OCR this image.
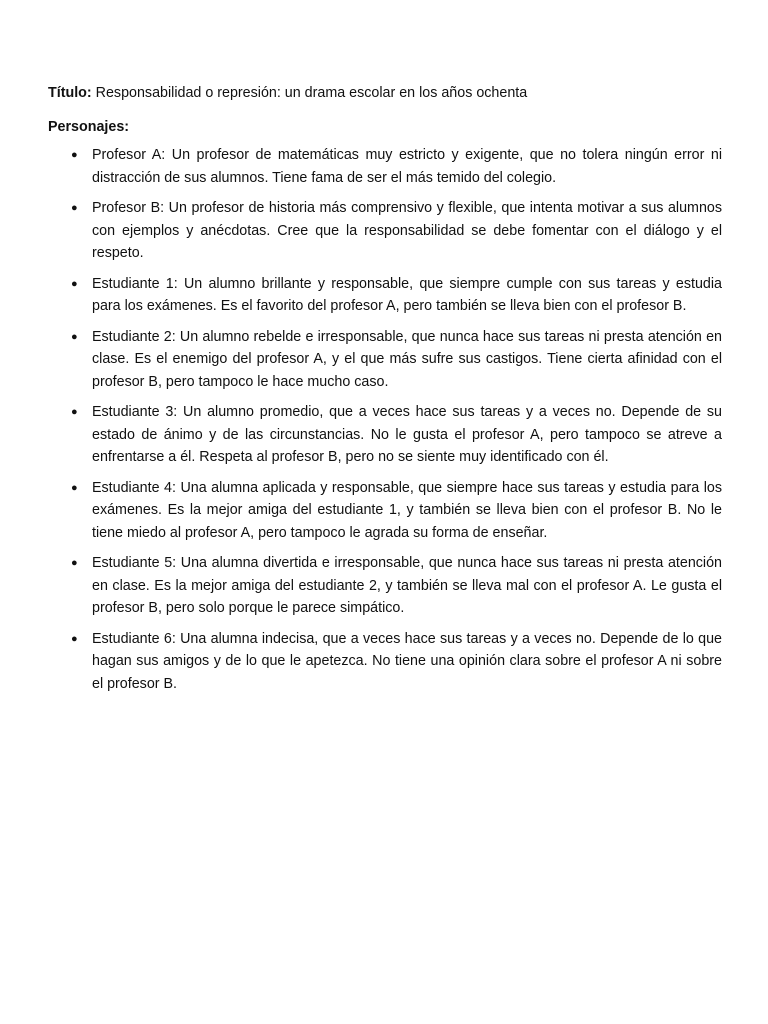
Título: Responsabilidad o represión: un drama escolar en los años ochenta

Personajes:

● Profesor A: Un profesor de matemáticas muy estricto y exigente, que no tolera ningún error ni distracción de sus alumnos. Tiene fama de ser el más temido del colegio.
● Profesor B: Un profesor de historia más comprensivo y flexible, que intenta motivar a sus alumnos con ejemplos y anécdotas. Cree que la responsabilidad se debe fomentar con el diálogo y el respeto.
● Estudiante 1: Un alumno brillante y responsable, que siempre cumple con sus tareas y estudia para los exámenes. Es el favorito del profesor A, pero también se lleva bien con el profesor B.
● Estudiante 2: Un alumno rebelde e irresponsable, que nunca hace sus tareas ni presta atención en clase. Es el enemigo del profesor A, y el que más sufre sus castigos. Tiene cierta afinidad con el profesor B, pero tampoco le hace mucho caso.
● Estudiante 3: Un alumno promedio, que a veces hace sus tareas y a veces no. Depende de su estado de ánimo y de las circunstancias. No le gusta el profesor A, pero tampoco se atreve a enfrentarse a él. Respeta al profesor B, pero no se siente muy identificado con él.
● Estudiante 4: Una alumna aplicada y responsable, que siempre hace sus tareas y estudia para los exámenes. Es la mejor amiga del estudiante 1, y también se lleva bien con el profesor B. No le tiene miedo al profesor A, pero tampoco le agrada su forma de enseñar.
● Estudiante 5: Una alumna divertida e irresponsable, que nunca hace sus tareas ni presta atención en clase. Es la mejor amiga del estudiante 2, y también se lleva mal con el profesor A. Le gusta el profesor B, pero solo porque le parece simpático.
● Estudiante 6: Una alumna indecisa, que a veces hace sus tareas y a veces no. Depende de lo que hagan sus amigos y de lo que le apetezca. No tiene una opinión clara sobre el profesor A ni sobre el profesor B.
